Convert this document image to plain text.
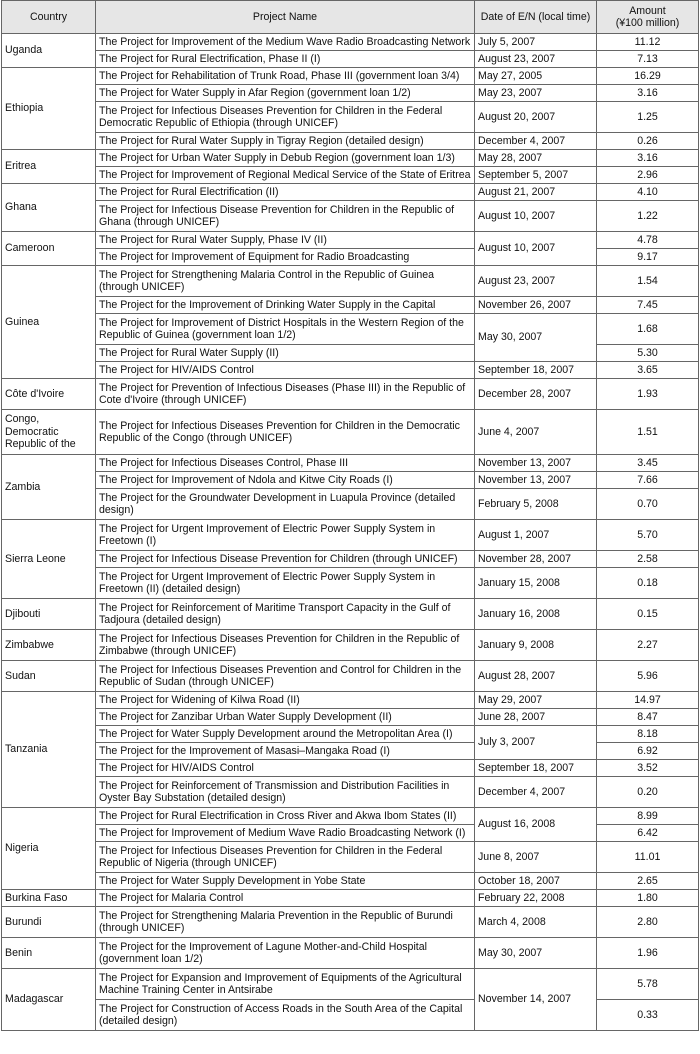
Country	Project Name	Date of E/N (local time)	Amount
(¥100 million)
Uganda	The Project for Improvement of the Medium Wave Radio Broadcasting Network	July 5, 2007	11.12
	The Project for Rural Electrification, Phase II (I)	August 23, 2007	7.13
Ethiopia	The Project for Rehabilitation of Trunk Road, Phase III (government loan 3/4)	May 27, 2005	16.29
	The Project for Water Supply in Afar Region (government loan 1/2)	May 23, 2007	3.16
	The Project for Infectious Diseases Prevention for Children in the Federal Democratic Republic of Ethiopia (through UNICEF)	August 20, 2007	1.25
	The Project for Rural Water Supply in Tigray Region (detailed design)	December 4, 2007	0.26
Eritrea	The Project for Urban Water Supply in Debub Region (government loan 1/3)	May 28, 2007	3.16
	The Project for Improvement of Regional Medical Service of the State of Eritrea	September 5, 2007	2.96
Ghana	The Project for Rural Electrification (II)	August 21, 2007	4.10
	The Project for Infectious Disease Prevention for Children in the Republic of Ghana (through UNICEF)	August 10, 2007	1.22
Cameroon	The Project for Rural Water Supply, Phase IV (II)	August 10, 2007	4.78
	The Project for Improvement of Equipment for Radio Broadcasting		9.17
Guinea	The Project for Strengthening Malaria Control in the Republic of Guinea (through UNICEF)	August 23, 2007	1.54
	The Project for the Improvement of Drinking Water Supply in the Capital	November 26, 2007	7.45
	The Project for Improvement of District Hospitals in the Western Region of the Republic of Guinea (government loan 1/2)	May 30, 2007	1.68
	The Project for Rural Water Supply (II)		5.30
	The Project for HIV/AIDS Control	September 18, 2007	3.65
Côte d'Ivoire	The Project for Prevention of Infectious Diseases (Phase III) in the Republic of Cote d'Ivoire (through UNICEF)	December 28, 2007	1.93
Congo, Democratic Republic of the	The Project for Infectious Diseases Prevention for Children in the Democratic Republic of the Congo (through UNICEF)	June 4, 2007	1.51
Zambia	The Project for Infectious Diseases Control, Phase III	November 13, 2007	3.45
	The Project for Improvement of Ndola and Kitwe City Roads (I)	November 13, 2007	7.66
	The Project for the Groundwater Development in Luapula Province (detailed design)	February 5, 2008	0.70
Sierra Leone	The Project for Urgent Improvement of Electric Power Supply System in Freetown (I)	August 1, 2007	5.70
	The Project for Infectious Disease Prevention for Children (through UNICEF)	November 28, 2007	2.58
	The Project for Urgent Improvement of Electric Power Supply System in Freetown (II) (detailed design)	January 15, 2008	0.18
Djibouti	The Project for Reinforcement of Maritime Transport Capacity in the Gulf of Tadjoura (detailed design)	January 16, 2008	0.15
Zimbabwe	The Project for Infectious Diseases Prevention for Children in the Republic of Zimbabwe (through UNICEF)	January 9, 2008	2.27
Sudan	The Project for Infectious Diseases Prevention and Control for Children in the Republic of Sudan (through UNICEF)	August 28, 2007	5.96
Tanzania	The Project for Widening of Kilwa Road (II)	May 29, 2007	14.97
	The Project for Zanzibar Urban Water Supply Development (II)	June 28, 2007	8.47
	The Project for Water Supply Development around the Metropolitan Area (I)	July 3, 2007	8.18
	The Project for the Improvement of Masasi–Mangaka Road (I)		6.92
	The Project for HIV/AIDS Control	September 18, 2007	3.52
	The Project for Reinforcement of Transmission and Distribution Facilities in Oyster Bay Substation (detailed design)	December 4, 2007	0.20
Nigeria	The Project for Rural Electrification in Cross River and Akwa Ibom States (II)	August 16, 2008	8.99
	The Project for Improvement of Medium Wave Radio Broadcasting Network (I)		6.42
	The Project for Infectious Diseases Prevention for Children in the Federal Republic of Nigeria (through UNICEF)	June 8, 2007	11.01
	The Project for Water Supply Development in Yobe State	October 18, 2007	2.65
Burkina Faso	The Project for Malaria Control	February 22, 2008	1.80
Burundi	The Project for Strengthening Malaria Prevention in the Republic of Burundi (through UNICEF)	March 4, 2008	2.80
Benin	The Project for the Improvement of Lagune Mother-and-Child Hospital (government loan 1/2)	May 30, 2007	1.96
Madagascar	The Project for Expansion and Improvement of Equipments of the Agricultural Machine Training Center in Antsirabe	November 14, 2007	5.78
	The Project for Construction of Access Roads in the South Area of the Capital (detailed design)		0.33
